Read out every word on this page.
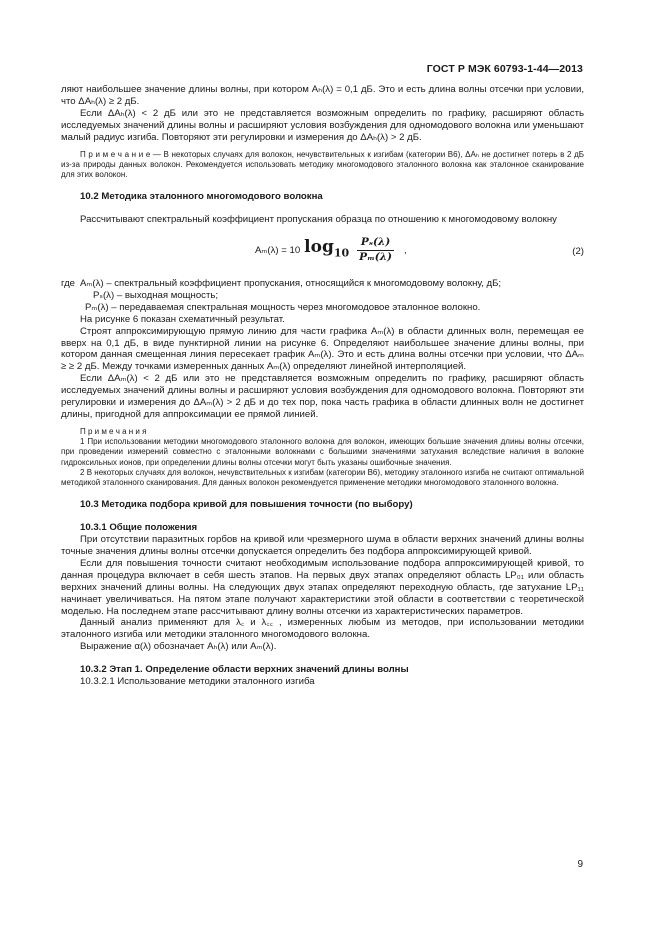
ГОСТ Р МЭК 60793-1-44—2013

ляют наибольшее значение длины волны, при котором Aₕ(λ) = 0,1 дБ. Это и есть длина волны отсечки при условии, что ΔAₕ(λ) ≥ 2 дБ.

Если ΔAₕ(λ) < 2 дБ или это не представляется возможным определить по графику, расширяют область исследуемых значений длины волны и расширяют условия возбуждения для одномодового волокна или уменьшают малый радиус изгиба. Повторяют эти регулировки и измерения до ΔAₕ(λ) > 2 дБ.

П р и м е ч а н и е — В некоторых случаях для волокон, нечувствительных к изгибам (категории B6), ΔAₕ не достигнет потерь в 2 дБ из-за природы данных волокон. Рекомендуется использовать методику многомодового эталонного волокна как эталонное сканирование для этих волокон.

10.2 Методика эталонного многомодового волокна

Рассчитывают спектральный коэффициент пропускания образца по отношению к многомодовому волокну

Aₘ(λ) = 10 $\log_{10} \frac{\text{Pₛ(λ)}}{\text{Pₘ(λ)}}$ ,	(2)
где Aₘ(λ) – спектральный коэффициент пропускания, относящийся к многомодовому волокну, дБ;
Pₛ(λ) – выходная мощность;
Pₘ(λ) – передаваемая спектральная мощность через многомодовое эталонное волокно.

На рисунке 6 показан схематичный результат.

Строят аппроксимирующую прямую линию для части графика Aₘ(λ) в области длинных волн, перемещая ее вверх на 0,1 дБ, в виде пунктирной линии на рисунке 6. Определяют наибольшее значение длины волны, при котором данная смещенная линия пересекает график Aₘ(λ). Это и есть длина волны отсечки при условии, что ΔAₘ ≥ ≥ 2 дБ. Между точками измеренных данных Aₘ(λ) определяют линейной интерполяцией.

Если ΔAₘ(λ) < 2 дБ или это не представляется возможным определить по графику, расширяют область исследуемых значений длины волны и расширяют условия возбуждения для одномодового волокна. Повторяют эти регулировки и измерения до ΔAₘ(λ) > 2 дБ и до тех пор, пока часть графика в области длинных волн не достигнет длины, пригодной для аппроксимации ее прямой линией.

П р и м е ч а н и я

1 При использовании методики многомодового эталонного волокна для волокон, имеющих большие значения длины волны отсечки, при проведении измерений совместно с эталонными волокнами с большими значениями затухания вследствие наличия в волокне гидроксильных ионов, при определении длины волны отсечки могут быть указаны ошибочные значения.

2 В некоторых случаях для волокон, нечувствительных к изгибам (категории B6), методику эталонного изгиба не считают оптимальной методикой эталонного сканирования. Для данных волокон рекомендуется применение методики многомодового эталонного волокна.

10.3 Методика подбора кривой для повышения точности (по выбору)
10.3.1 Общие положения

При отсутствии паразитных горбов на кривой или чрезмерного шума в области верхних значений длины волны точные значения длины волны отсечки допускается определить без подбора аппроксимирующей кривой.

Если для повышения точности считают необходимым использование подбора аппроксимирующей кривой, то данная процедура включает в себя шесть этапов. На первых двух этапах определяют область LP₀₁ или область верхних значений длины волны. На следующих двух этапах определяют переходную область, где затухание LP₁₁ начинает увеличиваться. На пятом этапе получают характеристики этой области в соответствии с теоретической моделью. На последнем этапе рассчитывают длину волны отсечки из характеристических параметров.

Данный анализ применяют для λ꜀ и λ꜀꜀ , измеренных любым из методов, при использовании методики эталонного изгиба или методики эталонного многомодового волокна.

Выражение α(λ) обозначает Aₕ(λ) или Aₘ(λ).

10.3.2 Этап 1. Определение области верхних значений длины волны

10.3.2.1 Использование методики эталонного изгиба

9
